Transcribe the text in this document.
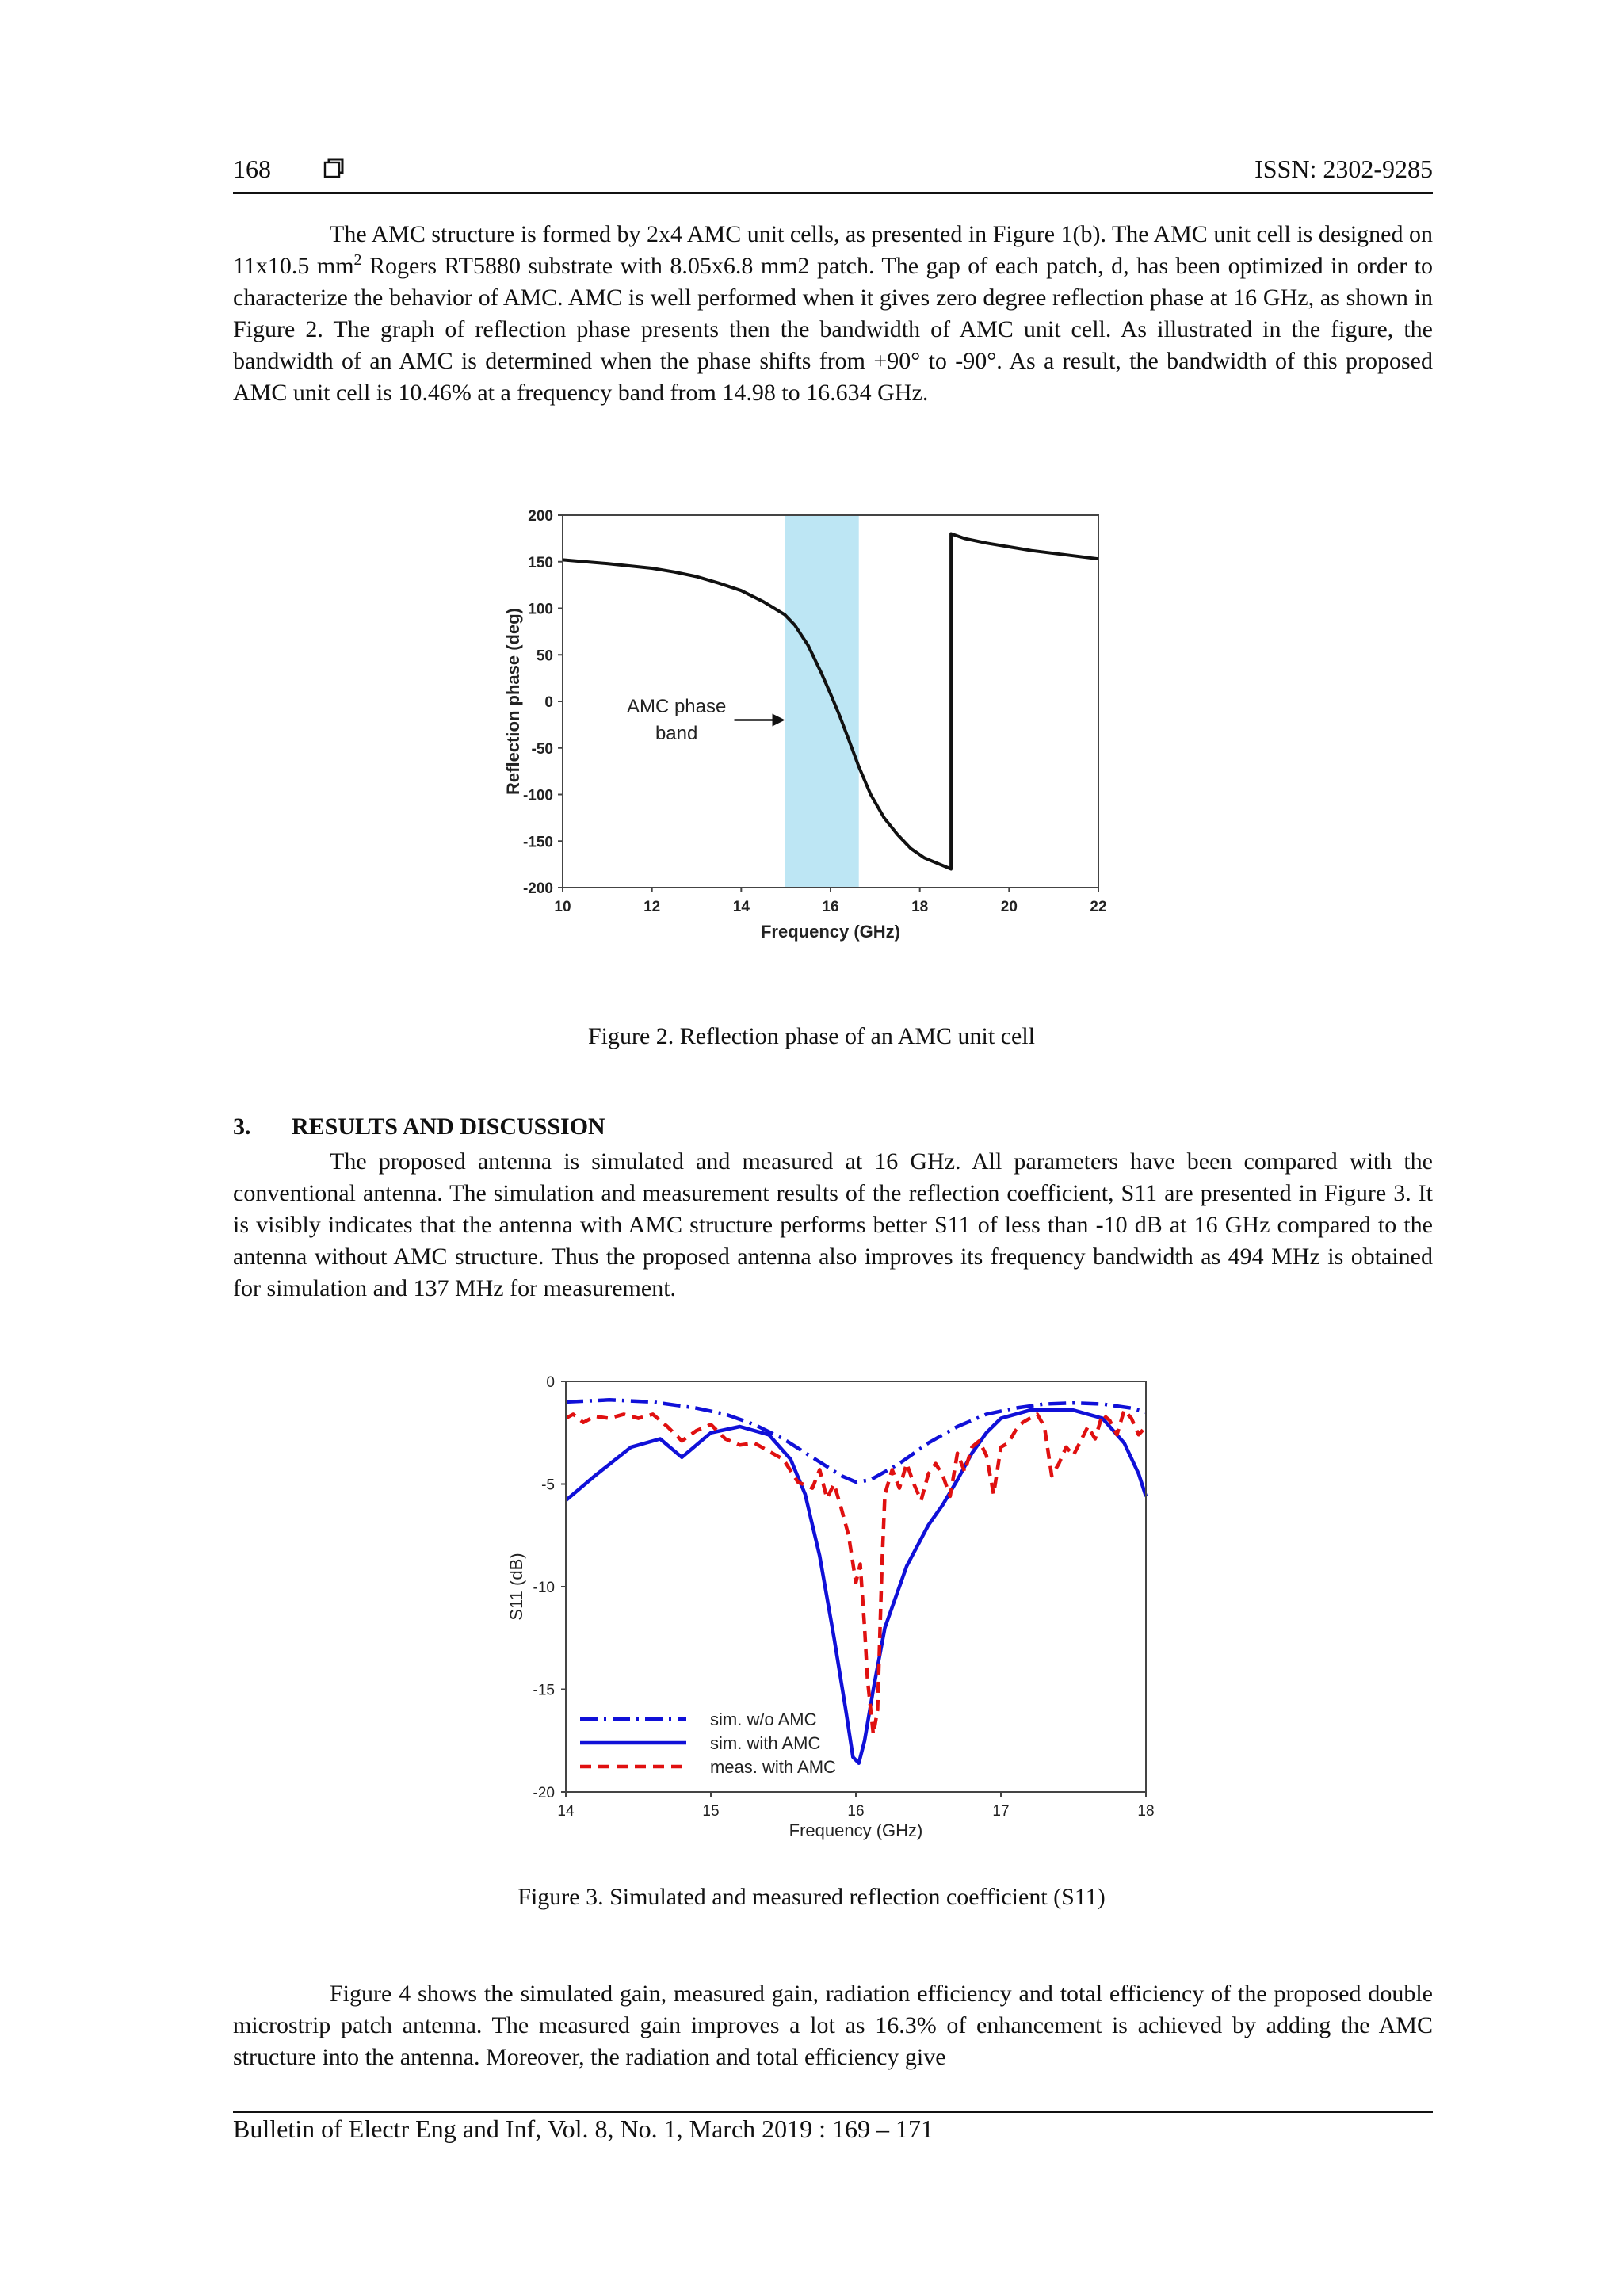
168	ISSN: 2302-9285

The AMC structure is formed by 2x4 AMC unit cells, as presented in Figure 1(b). The AMC unit cell is designed on 11x10.5 $mm^2$ Rogers RT5880 substrate with 8.05x6.8 mm2 patch. The gap of each patch, d, has been optimized in order to characterize the behavior of AMC. AMC is well performed when it gives zero degree reflection phase at 16 GHz, as shown in Figure 2. The graph of reflection phase presents then the bandwidth of AMC unit cell. As illustrated in the figure, the bandwidth of an AMC is determined when the phase shifts from +90° to -90°. As a result, the bandwidth of this proposed AMC unit cell is 10.46% at a frequency band from 14.98 to 16.634 GHz.

10	12	14	16	18	20	22
200
150
100
50
0
-50
-100
-150
-200
AMC phase
band
Frequency (GHz)
Reflection phase (deg)
Figure 2. Reflection phase of an AMC unit cell
3. RESULTS AND DISCUSSION

The proposed antenna is simulated and measured at 16 GHz. All parameters have been compared with the conventional antenna. The simulation and measurement results of the reflection coefficient, S11 are presented in Figure 3. It is visibly indicates that the antenna with AMC structure performs better S11 of less than -10 dB at 16 GHz compared to the antenna without AMC structure. Thus the proposed antenna also improves its frequency bandwidth as 494 MHz is obtained for simulation and 137 MHz for measurement.

14	15	16	17	18
0
-5
-10
-15
-20
sim. w/o AMC
sim. with AMC
meas. with AMC
Frequency (GHz)
S11 (dB)
Figure 3. Simulated and measured reflection coefficient (S11)

Figure 4 shows the simulated gain, measured gain, radiation efficiency and total efficiency of the proposed double microstrip patch antenna. The measured gain improves a lot as 16.3% of enhancement is achieved by adding the AMC structure into the antenna. Moreover, the radiation and total efficiency give

Bulletin of Electr Eng and Inf, Vol. 8, No. 1, March 2019 : 169 – 171
